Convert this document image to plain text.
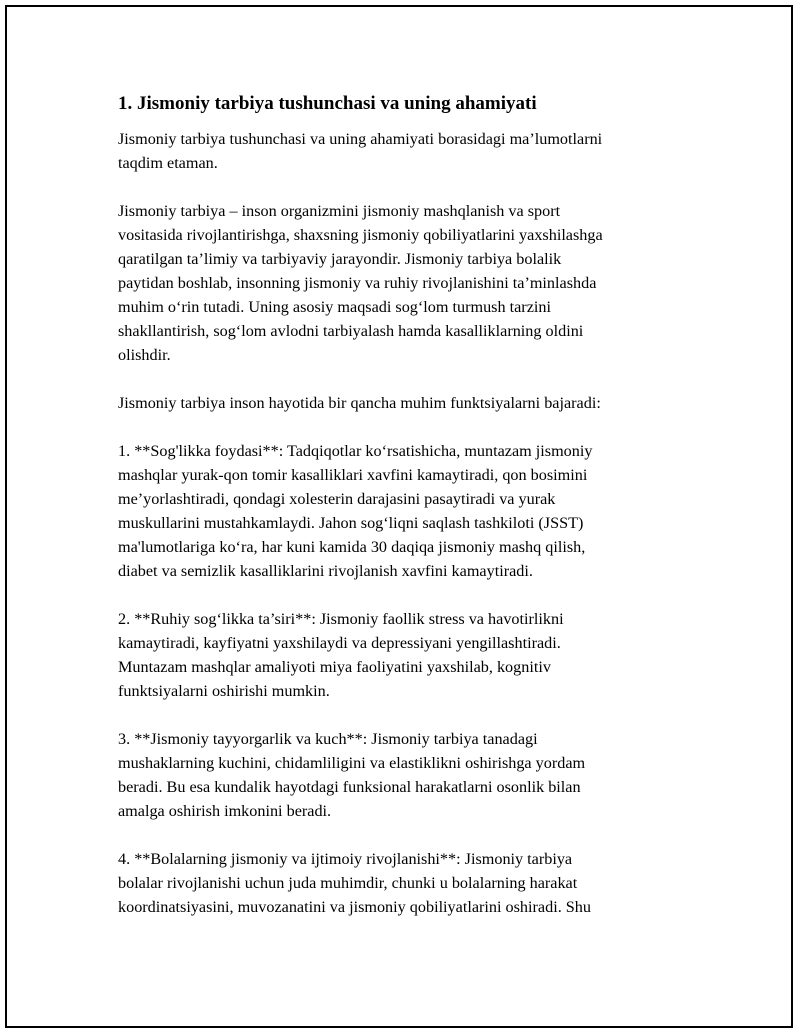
1. Jismoniy tarbiya tushunchasi va uning ahamiyati

Jismoniy tarbiya tushunchasi va uning ahamiyati borasidagi ma’lumotlarni
taqdim etaman.

Jismoniy tarbiya – inson organizmini jismoniy mashqlanish va sport
vositasida rivojlantirishga, shaxsning jismoniy qobiliyatlarini yaxshilashga
qaratilgan ta’limiy va tarbiyaviy jarayondir. Jismoniy tarbiya bolalik
paytidan boshlab, insonning jismoniy va ruhiy rivojlanishini ta’minlashda
muhim o‘rin tutadi. Uning asosiy maqsadi sog‘lom turmush tarzini
shakllantirish, sog‘lom avlodni tarbiyalash hamda kasalliklarning oldini
olishdir.

Jismoniy tarbiya inson hayotida bir qancha muhim funktsiyalarni bajaradi:

1. **Sog'likka foydasi**: Tadqiqotlar ko‘rsatishicha, muntazam jismoniy
mashqlar yurak-qon tomir kasalliklari xavfini kamaytiradi, qon bosimini
me’yorlashtiradi, qondagi xolesterin darajasini pasaytiradi va yurak
muskullarini mustahkamlaydi. Jahon sog‘liqni saqlash tashkiloti (JSST)
ma'lumotlariga ko‘ra, har kuni kamida 30 daqiqa jismoniy mashq qilish,
diabet va semizlik kasalliklarini rivojlanish xavfini kamaytiradi.

2. **Ruhiy sog‘likka ta’siri**: Jismoniy faollik stress va havotirlikni
kamaytiradi, kayfiyatni yaxshilaydi va depressiyani yengillashtiradi.
Muntazam mashqlar amaliyoti miya faoliyatini yaxshilab, kognitiv
funktsiyalarni oshirishi mumkin.

3. **Jismoniy tayyorgarlik va kuch**: Jismoniy tarbiya tanadagi
mushaklarning kuchini, chidamliligini va elastiklikni oshirishga yordam
beradi. Bu esa kundalik hayotdagi funksional harakatlarni osonlik bilan
amalga oshirish imkonini beradi.

4. **Bolalarning jismoniy va ijtimoiy rivojlanishi**: Jismoniy tarbiya
bolalar rivojlanishi uchun juda muhimdir, chunki u bolalarning harakat
koordinatsiyasini, muvozanatini va jismoniy qobiliyatlarini oshiradi. Shu
